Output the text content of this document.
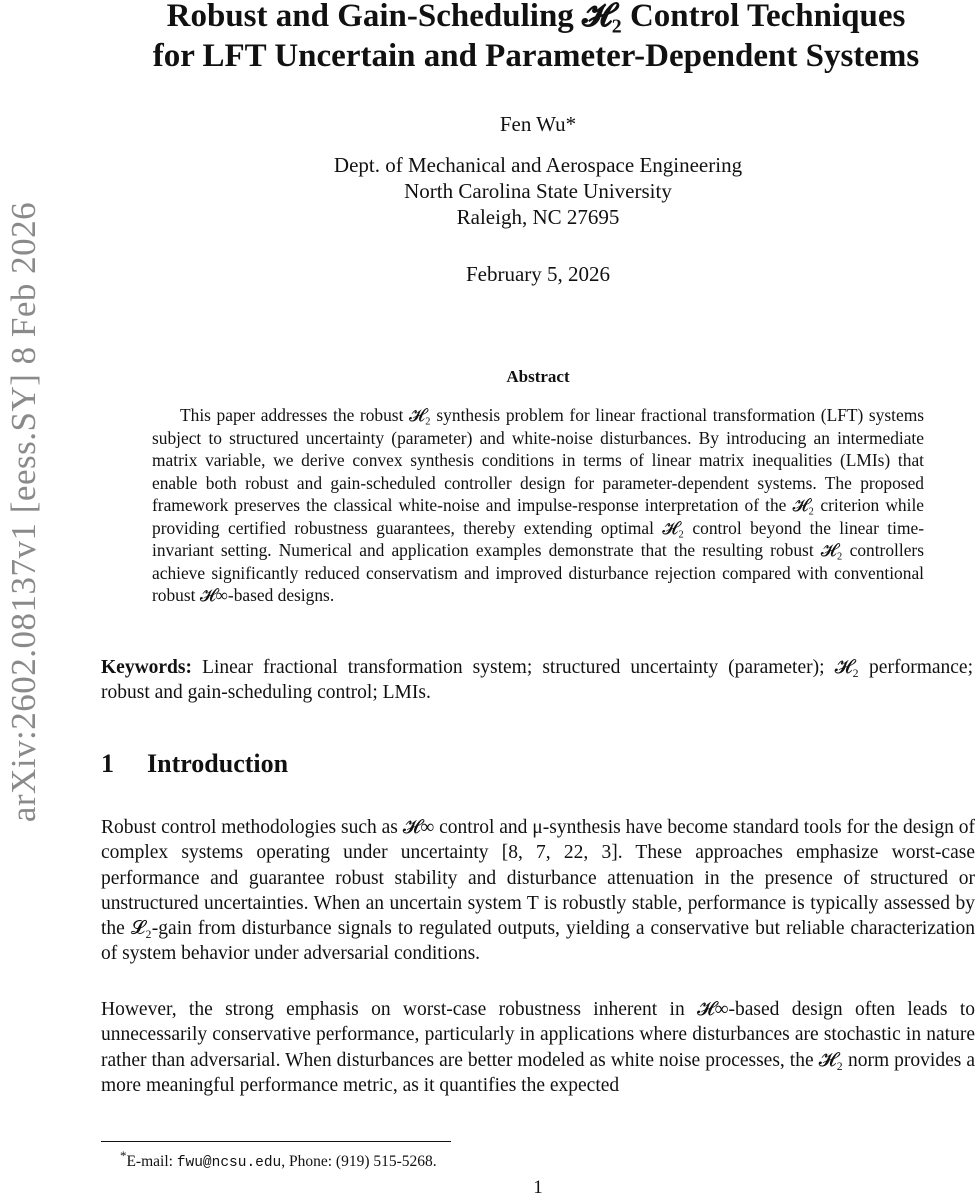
arXiv:2602.08137v1 [eess.SY] 8 Feb 2026
Robust and Gain-Scheduling 𝓗₂ Control Techniques
for LFT Uncertain and Parameter-Dependent Systems
Fen Wu*
Dept. of Mechanical and Aerospace Engineering
North Carolina State University
Raleigh, NC 27695
February 5, 2026
Abstract
This paper addresses the robust 𝓗₂ synthesis problem for linear fractional transformation (LFT) systems subject to structured uncertainty (parameter) and white-noise disturbances. By introducing an intermediate matrix variable, we derive convex synthesis conditions in terms of linear matrix inequalities (LMIs) that enable both robust and gain-scheduled controller design for parameter-dependent systems. The proposed framework preserves the classical white-noise and impulse-response interpretation of the 𝓗₂ criterion while providing certified robustness guarantees, thereby extending optimal 𝓗₂ control beyond the linear time-invariant setting. Numerical and application examples demonstrate that the resulting robust 𝓗₂ controllers achieve significantly reduced conservatism and improved disturbance rejection compared with conventional robust 𝓗∞-based designs.
Keywords: Linear fractional transformation system; structured uncertainty (parameter); 𝓗₂ performance; robust and gain-scheduling control; LMIs.
1 Introduction
Robust control methodologies such as 𝓗∞ control and μ-synthesis have become standard tools for the design of complex systems operating under uncertainty [8, 7, 22, 3]. These approaches emphasize worst-case performance and guarantee robust stability and disturbance attenuation in the presence of structured or unstructured uncertainties. When an uncertain system T is robustly stable, performance is typically assessed by the 𝓛₂-gain from disturbance signals to regulated outputs, yielding a conservative but reliable characterization of system behavior under adversarial conditions.
However, the strong emphasis on worst-case robustness inherent in 𝓗∞-based design often leads to unnecessarily conservative performance, particularly in applications where disturbances are stochastic in nature rather than adversarial. When disturbances are better modeled as white noise processes, the 𝓗₂ norm provides a more meaningful performance metric, as it quantifies the expected
*E-mail: fwu@ncsu.edu, Phone: (919) 515-5268.
1
